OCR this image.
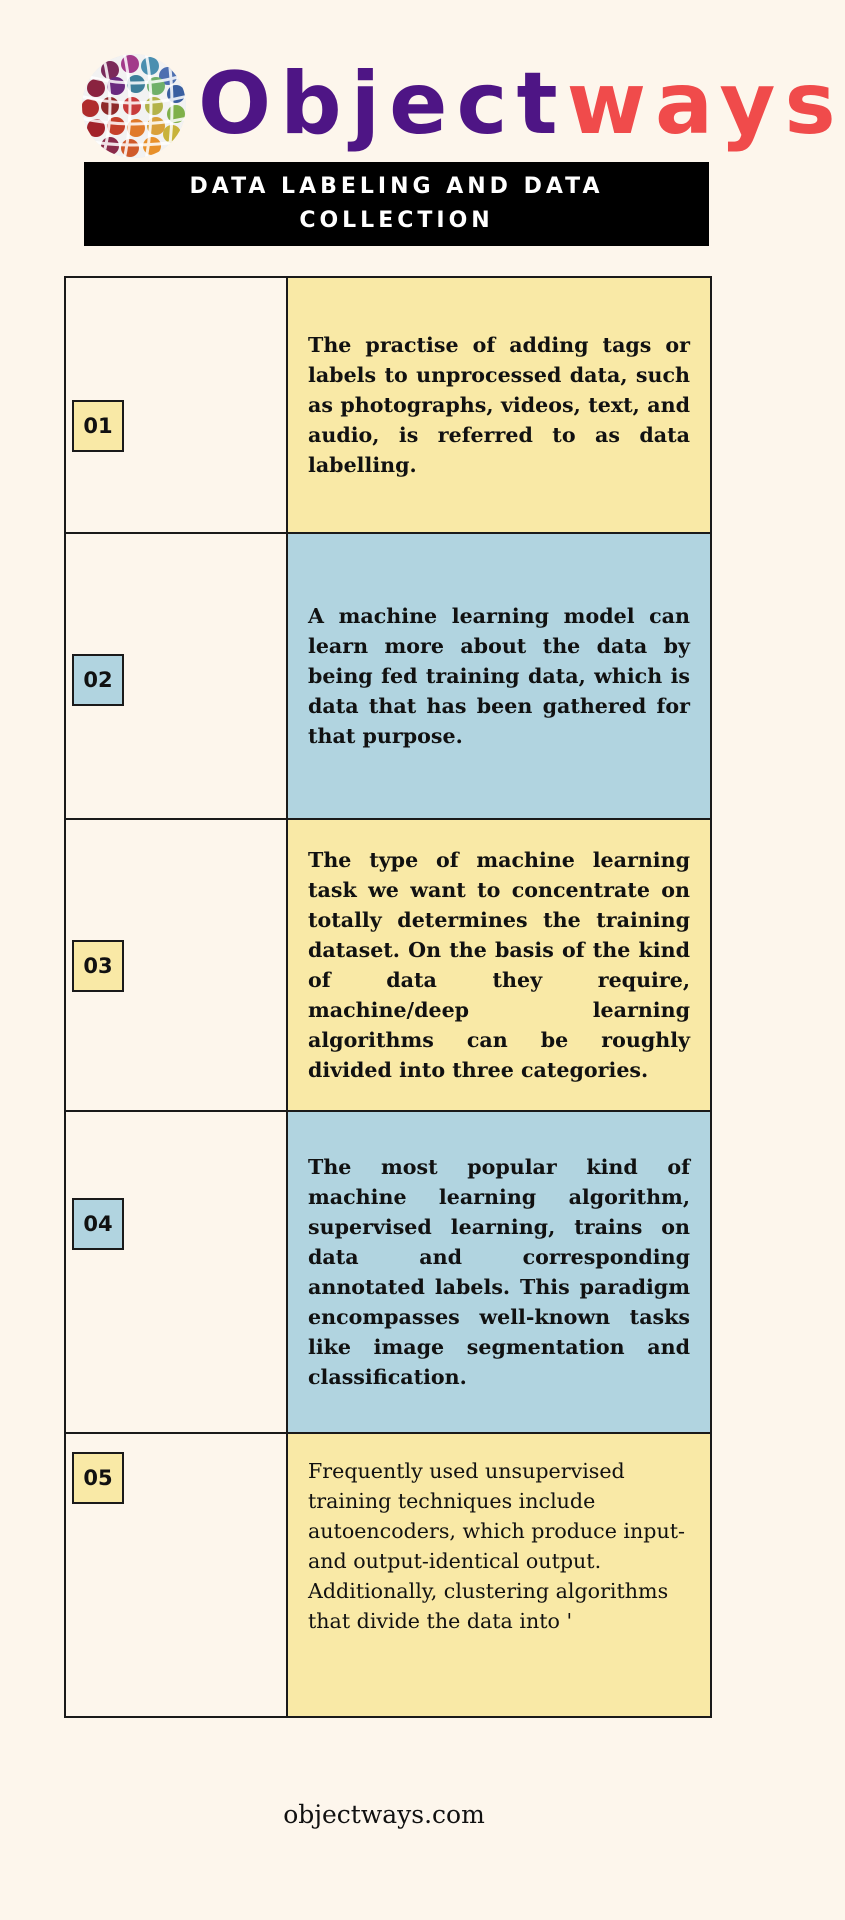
Objectways
DATA LABELING AND DATA COLLECTION
01
The practise of adding tags or labels to unprocessed data, such as photographs, videos, text, and audio, is referred to as data labelling.
02
A machine learning model can learn more about the data by being fed training data, which is data that has been gathered for that purpose.
03
The type of machine learning task we want to concentrate on totally determines the training dataset. On the basis of the kind of data they require, machine/deep learning algorithms can be roughly divided into three categories.
04
The most popular kind of machine learning algorithm, supervised learning, trains on data and corresponding annotated labels. This paradigm encompasses well-known tasks like image segmentation and classification.
05	Frequently used unsupervised training techniques include autoencoders, which produce input- and output-identical output. Additionally, clustering algorithms that divide the data into '
objectways.com
